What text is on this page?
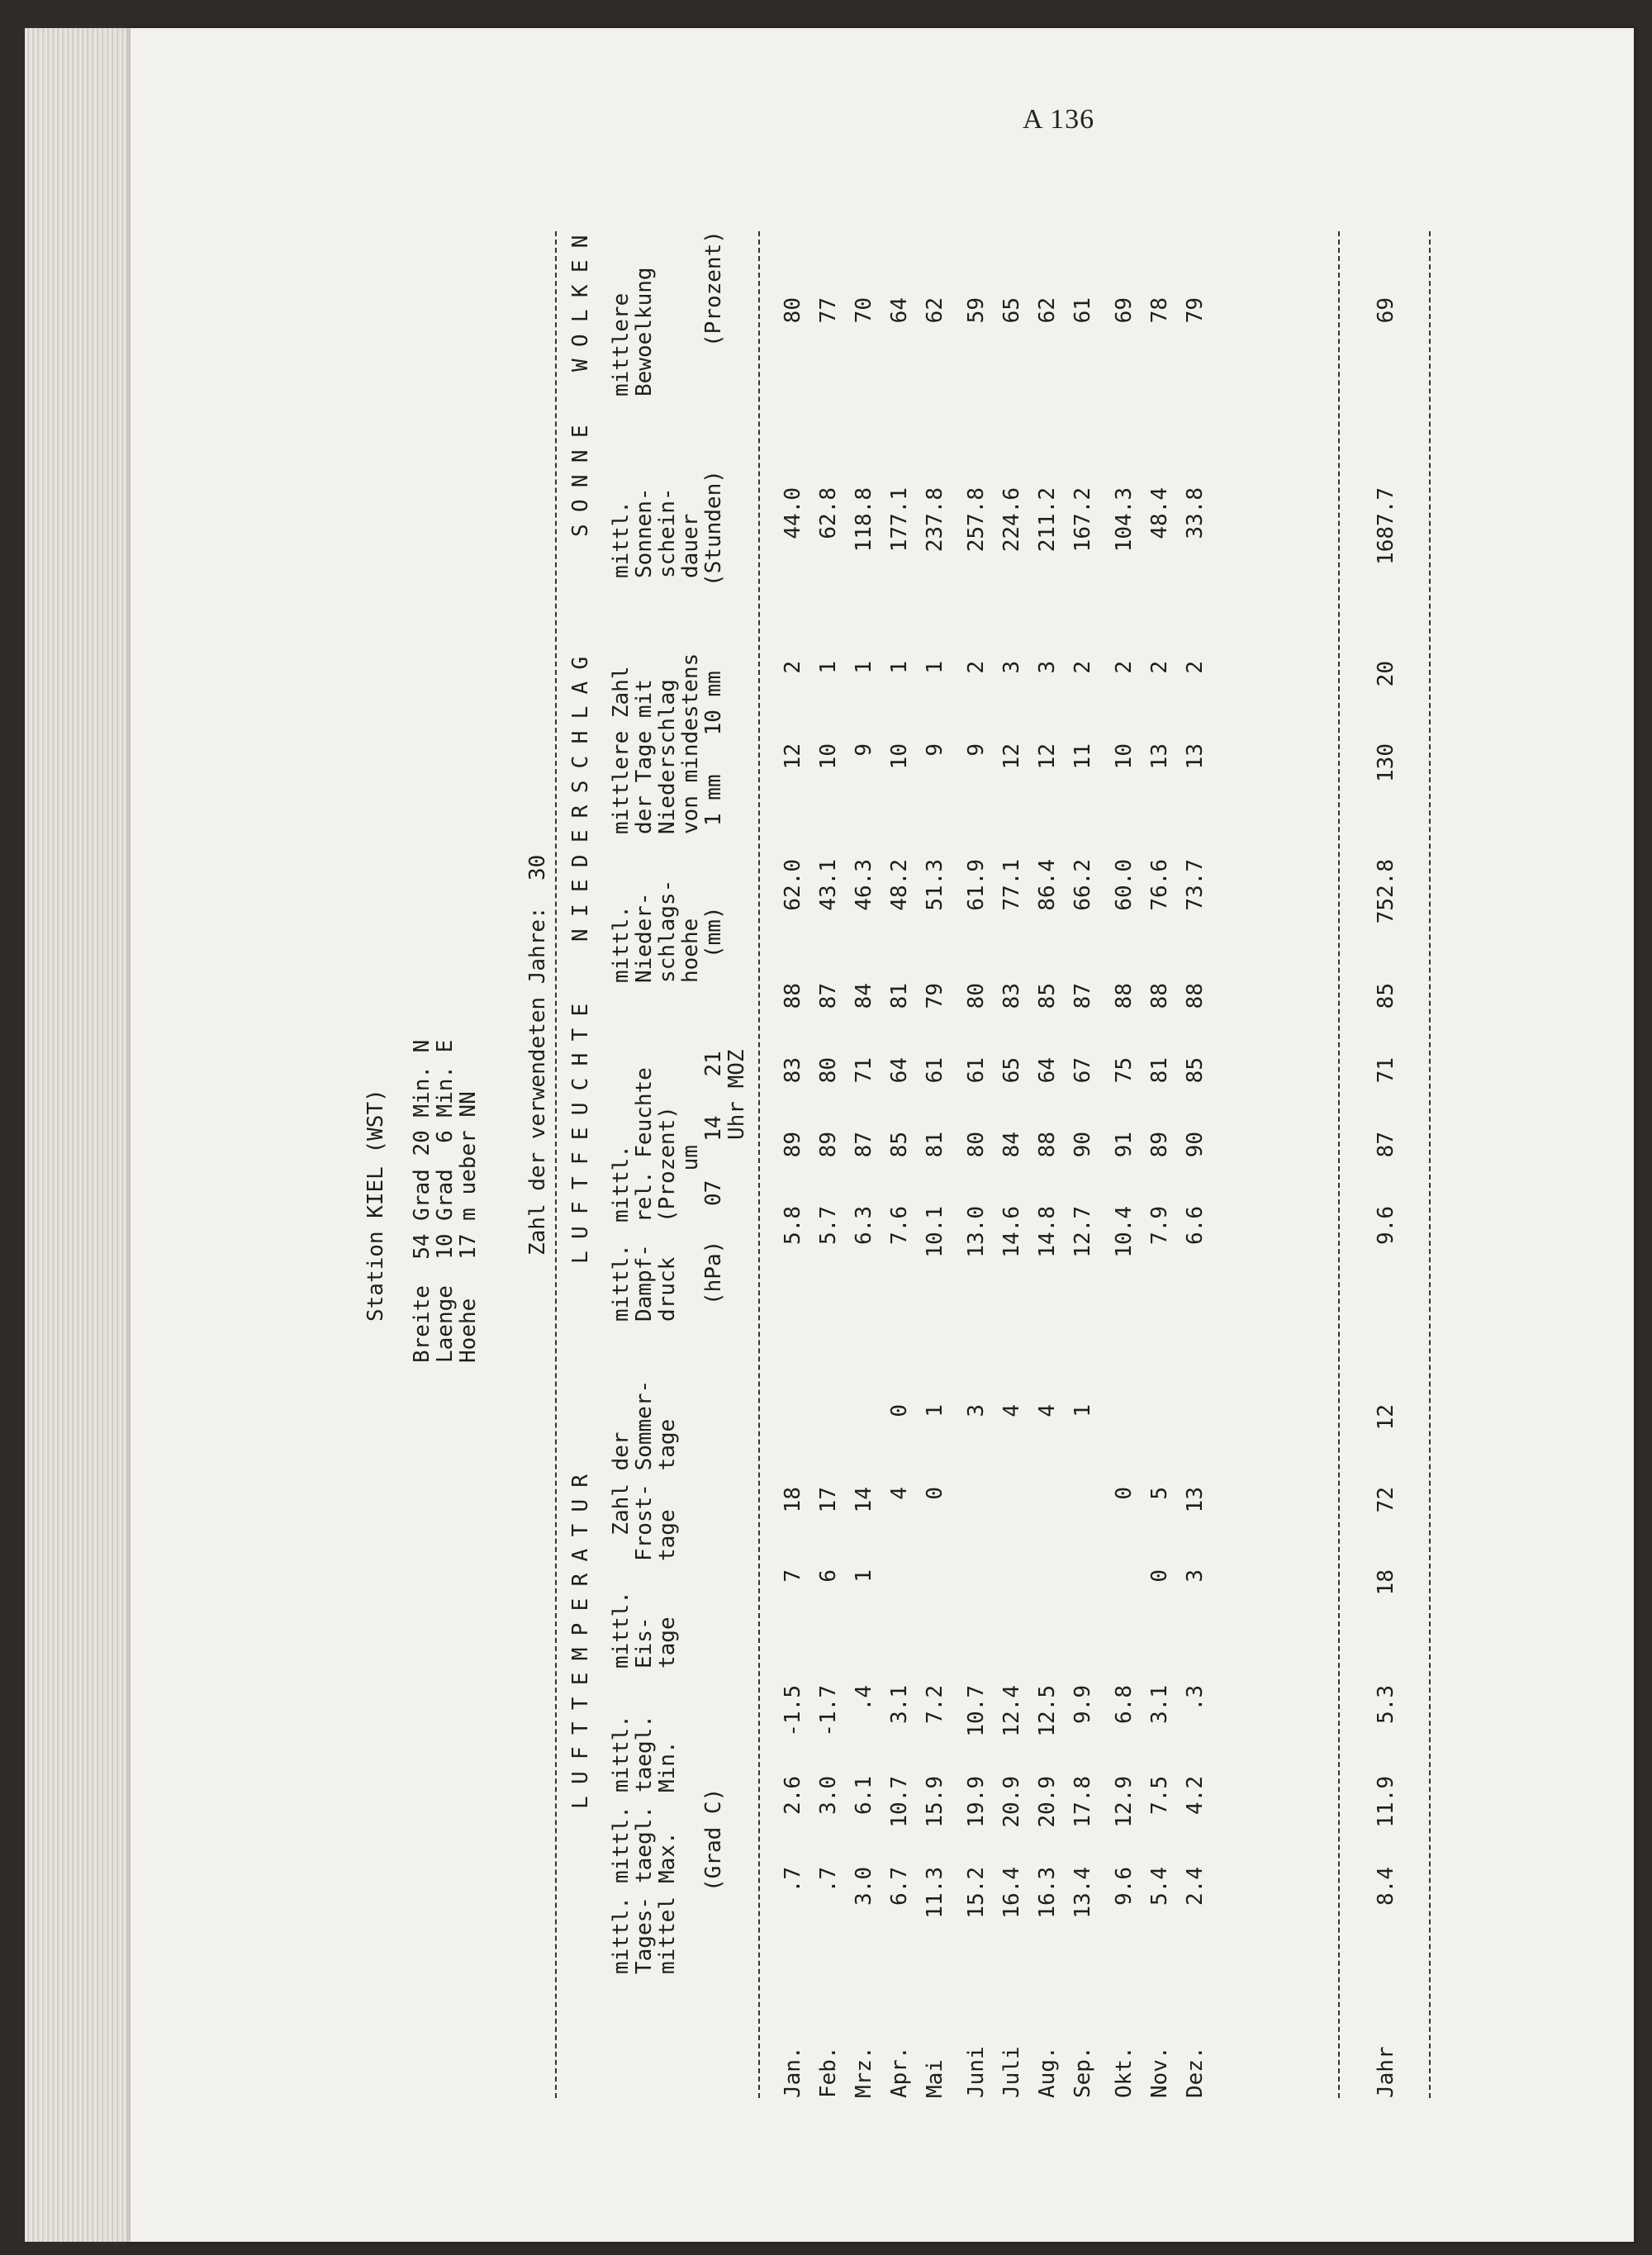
A 136
Station KIEL (WST) Breite  54 Grad 20 Min. N
Laenge  10 Grad  6 Min. E
Hoehe   17 m ueber NN Zahl der verwendeten Jahre:  30
LUFTTEMPERATUR
LUFTFEUCHTE
NIEDERSCHLAG
SONNE
WOLKEN
mittl.
Tages-
mittel
mittl.
taegl.
Max.
mittl.
taegl.
Min.
mittl.
Eis-
tage
Zahl der
Frost- Sommer-
tage   tage
mittl.
Dampf-
druck
mittl.
rel. Feuchte
(Prozent)
um
mittl.
Nieder-
schlags-
hoehe
mittlere Zahl
der Tage mit
Niederschlag
von mindestens
mittl.
Sonnen-
schein-
dauer
mittlere
Bewoelkung
(Grad C)
(hPa)
07   14   21
Uhr MOZ
(mm)
1 mm   10 mm
(Stunden)
(Prozent)
Jan.
.7
2.6
-1.5
7
18
5.8
89
83
88
62.0
12
2
44.0
80
Feb.
.7
3.0
-1.7
6
17
5.7
89
80
87
43.1
10
1
62.8
77
Mrz.
3.0
6.1
.4
1
14
6.3
87
71
84
46.3
9
1
118.8
70
Apr.
6.7
10.7
3.1
4
0
7.6
85
64
81
48.2
10
1
177.1
64
Mai
11.3
15.9
7.2
0
1
10.1
81
61
79
51.3
9
1
237.8
62
Juni
15.2
19.9
10.7
3
13.0
80
61
80
61.9
9
2
257.8
59
Juli
16.4
20.9
12.4
4
14.6
84
65
83
77.1
12
3
224.6
65
Aug.
16.3
20.9
12.5
4
14.8
88
64
85
86.4
12
3
211.2
62
Sep.
13.4
17.8
9.9
1
12.7
90
67
87
66.2
11
2
167.2
61
Okt.
9.6
12.9
6.8
0
10.4
91
75
88
60.0
10
2
104.3
69
Nov.
5.4
7.5
3.1
0
5
7.9
89
81
88
76.6
13
2
48.4
78
Dez.
2.4
4.2
.3
3
13
6.6
90
85
88
73.7
13
2
33.8
79
Jahr
8.4
11.9
5.3
18
72
12
9.6
87
71
85
752.8
130
20
1687.7
69
